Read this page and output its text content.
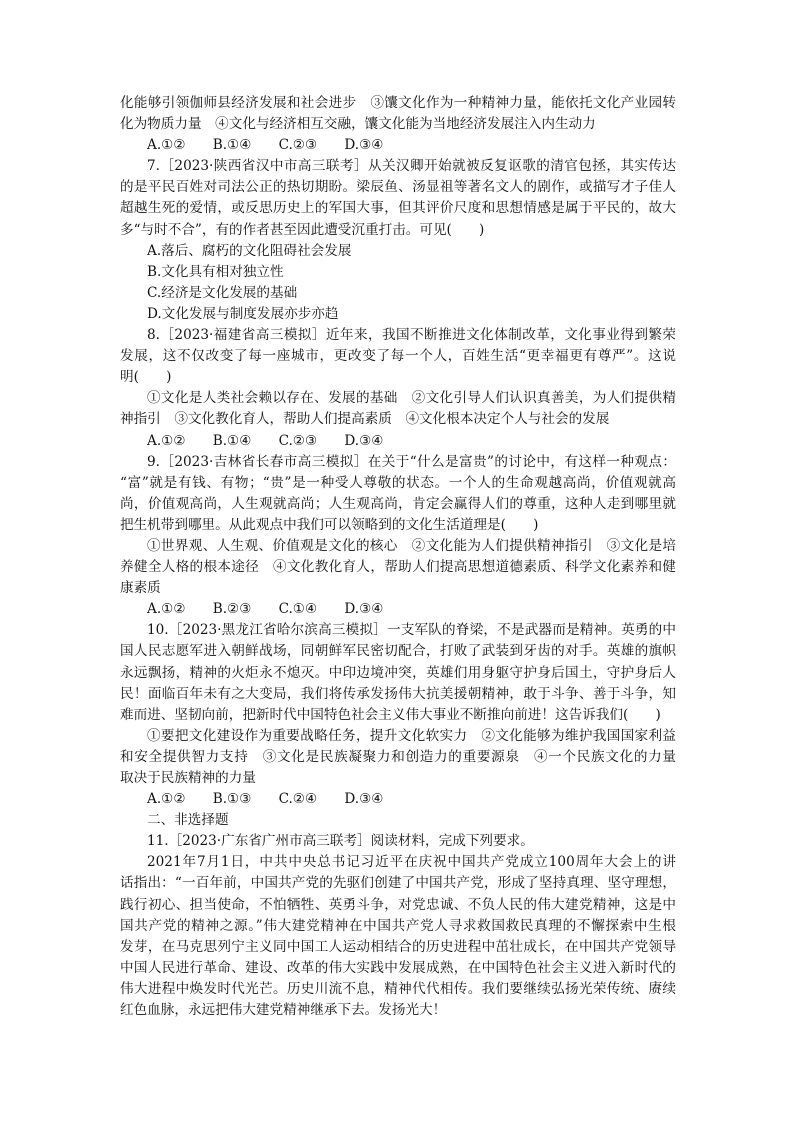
化能够引领伽师县经济发展和社会进步　③馕文化作为一种精神力量，能依托文化产业园转
化为物质力量　④文化与经济相互交融，馕文化能为当地经济发展注入内生动力
A.①②　　B.①④　　C.②③　　D.③④
7.［2023·陕西省汉中市高三联考］从关汉卿开始就被反复讴歌的清官包拯，其实传达
的是平民百姓对司法公正的热切期盼。梁辰鱼、汤显祖等著名文人的剧作，或描写才子佳人
超越生死的爱情，或反思历史上的军国大事，但其评价尺度和思想情感是属于平民的，故大
多“与时不合”，有的作者甚至因此遭受沉重打击。可见(　　)
A.落后、腐朽的文化阻碍社会发展
B.文化具有相对独立性
C.经济是文化发展的基础
D.文化发展与制度发展亦步亦趋
8.［2023·福建省高三模拟］近年来，我国不断推进文化体制改革，文化事业得到繁荣
发展，这不仅改变了每一座城市，更改变了每一个人，百姓生活“更幸福更有尊严”。这说
明(　　)
①文化是人类社会赖以存在、发展的基础　②文化引导人们认识真善美，为人们提供精
神指引　③文化教化育人，帮助人们提高素质　④文化根本决定个人与社会的发展
A.①②　　B.①④　　C.②③　　D.③④
9.［2023·吉林省长春市高三模拟］在关于“什么是富贵”的讨论中，有这样一种观点：
“富”就是有钱、有物；“贵”是一种受人尊敬的状态。一个人的生命观越高尚，价值观就高
尚，价值观高尚，人生观就高尚；人生观高尚，肯定会赢得人们的尊重，这种人走到哪里就
把生机带到哪里。从此观点中我们可以领略到的文化生活道理是(　　)
①世界观、人生观、价值观是文化的核心　②文化能为人们提供精神指引　③文化是培
养健全人格的根本途径　④文化教化育人，帮助人们提高思想道德素质、科学文化素养和健
康素质
A.①②　　B.②③　　C.①④　　D.③④
10.［2023·黑龙江省哈尔滨高三模拟］一支军队的脊梁，不是武器而是精神。英勇的中
国人民志愿军进入朝鲜战场，同朝鲜军民密切配合，打败了武装到牙齿的对手。英雄的旗帜
永远飘扬，精神的火炬永不熄灭。中印边境冲突，英雄们用身躯守护身后国土，守护身后人
民！面临百年未有之大变局，我们将传承发扬伟大抗美援朝精神，敢于斗争、善于斗争，知
难而进、坚韧向前，把新时代中国特色社会主义伟大事业不断推向前进！这告诉我们(　　)
①要把文化建设作为重要战略任务，提升文化软实力　②文化能够为维护我国国家利益
和安全提供智力支持　③文化是民族凝聚力和创造力的重要源泉　④一个民族文化的力量
取决于民族精神的力量
A.①②　　B.①③　　C.②④　　D.③④
二、非选择题
11.［2023·广东省广州市高三联考］阅读材料，完成下列要求。
2021年7月1日，中共中央总书记习近平在庆祝中国共产党成立100周年大会上的讲
话指出：“一百年前，中国共产党的先驱们创建了中国共产党，形成了坚持真理、坚守理想，
践行初心、担当使命，不怕牺牲、英勇斗争，对党忠诚、不负人民的伟大建党精神，这是中
国共产党的精神之源。”伟大建党精神在中国共产党人寻求救国救民真理的不懈探索中生根
发芽，在马克思列宁主义同中国工人运动相结合的历史进程中茁壮成长，在中国共产党领导
中国人民进行革命、建设、改革的伟大实践中发展成熟，在中国特色社会主义进入新时代的
伟大进程中焕发时代光芒。历史川流不息，精神代代相传。我们要继续弘扬光荣传统、赓续
红色血脉，永远把伟大建党精神继承下去。发扬光大！
